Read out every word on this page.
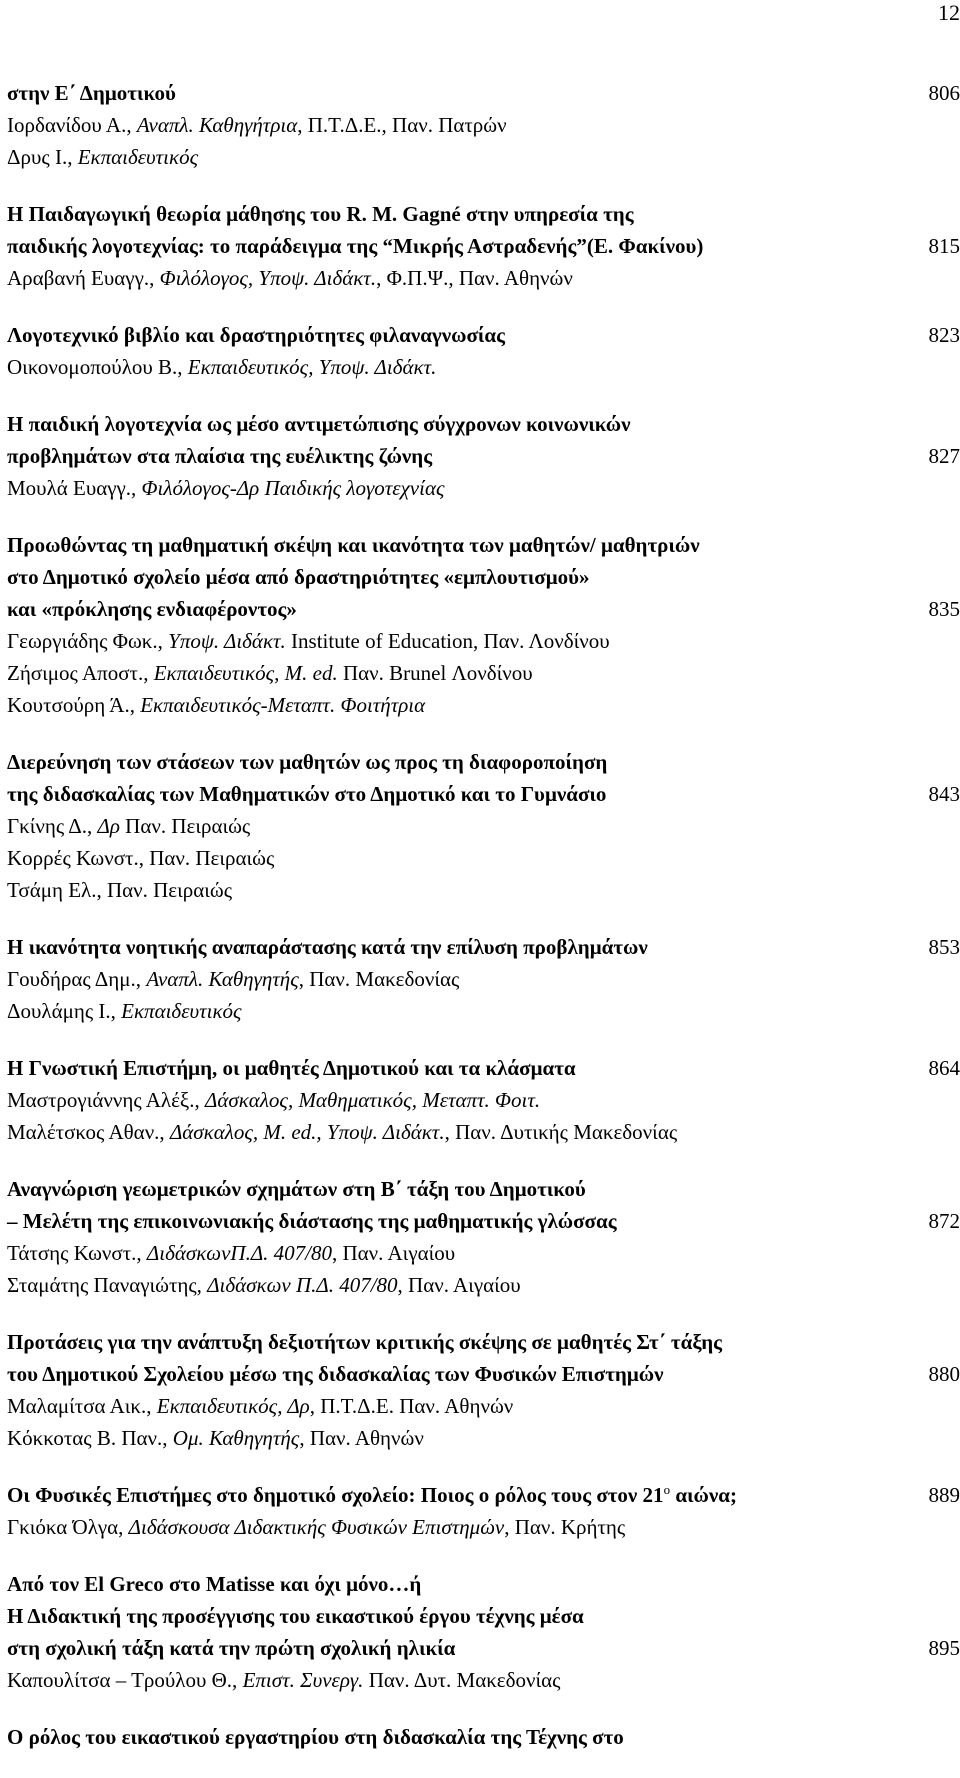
12
στην Ε΄ Δημοτικού	806
Ιορδανίδου Α., Αναπλ. Καθηγήτρια, Π.Τ.Δ.Ε., Παν. Πατρών
Δρυς Ι., Εκπαιδευτικός
Η Παιδαγωγική θεωρία μάθησης του R. M. Gagné στην υπηρεσία της
παιδικής λογοτεχνίας: το παράδειγμα της “Μικρής Αστραδενής”(Ε. Φακίνου)	815
Αραβανή Ευαγγ., Φιλόλογος, Υποψ. Διδάκτ., Φ.Π.Ψ., Παν. Αθηνών
Λογοτεχνικό βιβλίο και δραστηριότητες φιλαναγνωσίας	823
Οικονομοπούλου Β., Εκπαιδευτικός, Υποψ. Διδάκτ.
Η παιδική λογοτεχνία ως μέσο αντιμετώπισης σύγχρονων κοινωνικών
προβλημάτων στα πλαίσια της ευέλικτης ζώνης	827
Μουλά Ευαγγ., Φιλόλογος-Δρ Παιδικής λογοτεχνίας
Προωθώντας τη μαθηματική σκέψη και ικανότητα των μαθητών/ μαθητριών
στο Δημοτικό σχολείο μέσα από δραστηριότητες «εμπλουτισμού»
και «πρόκλησης ενδιαφέροντος»	835
Γεωργιάδης Φωκ., Υποψ. Διδάκτ. Institute of Education, Παν. Λονδίνου
Ζήσιμος Αποστ., Εκπαιδευτικός, M. ed. Παν. Brunel Λονδίνου
Κουτσούρη Ά., Εκπαιδευτικός-Μεταπτ. Φοιτήτρια
Διερεύνηση των στάσεων των μαθητών ως προς τη διαφοροποίηση
της διδασκαλίας των Μαθηματικών στο Δημοτικό και το Γυμνάσιο	843
Γκίνης Δ., Δρ Παν. Πειραιώς
Κορρές Κωνστ., Παν. Πειραιώς
Τσάμη Ελ., Παν. Πειραιώς
Η ικανότητα νοητικής αναπαράστασης κατά την επίλυση προβλημάτων	853
Γουδήρας Δημ., Αναπλ. Καθηγητής, Παν. Μακεδονίας
Δουλάμης Ι., Εκπαιδευτικός
Η Γνωστική Επιστήμη, οι μαθητές Δημοτικού και τα κλάσματα	864
Μαστρογιάννης Αλέξ., Δάσκαλος, Μαθηματικός, Μεταπτ. Φοιτ.
Μαλέτσκος Αθαν., Δάσκαλος, M. ed., Υποψ. Διδάκτ., Παν. Δυτικής Μακεδονίας
Αναγνώριση γεωμετρικών σχημάτων στη Β΄ τάξη του Δημοτικού
– Μελέτη της επικοινωνιακής διάστασης της μαθηματικής γλώσσας	872
Τάτσης Κωνστ., ΔιδάσκωνΠ.Δ. 407/80, Παν. Αιγαίου
Σταμάτης Παναγιώτης, Διδάσκων Π.Δ. 407/80, Παν. Αιγαίου
Προτάσεις για την ανάπτυξη δεξιοτήτων κριτικής σκέψης σε μαθητές Στ΄ τάξης
του Δημοτικού Σχολείου μέσω της διδασκαλίας των Φυσικών Επιστημών	880
Μαλαμίτσα Αικ., Εκπαιδευτικός, Δρ, Π.Τ.Δ.Ε. Παν. Αθηνών
Κόκκοτας Β. Παν., Ομ. Καθηγητής, Παν. Αθηνών
Οι Φυσικές Επιστήμες στο δημοτικό σχολείο: Ποιος ο ρόλος τους στον $21^o$ αιώνα;	889
Γκιόκα Όλγα, Διδάσκουσα Διδακτικής Φυσικών Επιστημών, Παν. Κρήτης
Από τον El Greco στο Matisse και όχι μόνο…ή
Η Διδακτική της προσέγγισης του εικαστικού έργου τέχνης μέσα
στη σχολική τάξη κατά την πρώτη σχολική ηλικία	895
Καπουλίτσα – Τρούλου Θ., Επιστ. Συνεργ. Παν. Δυτ. Μακεδονίας
Ο ρόλος του εικαστικού εργαστηρίου στη διδασκαλία της Τέχνης στο
